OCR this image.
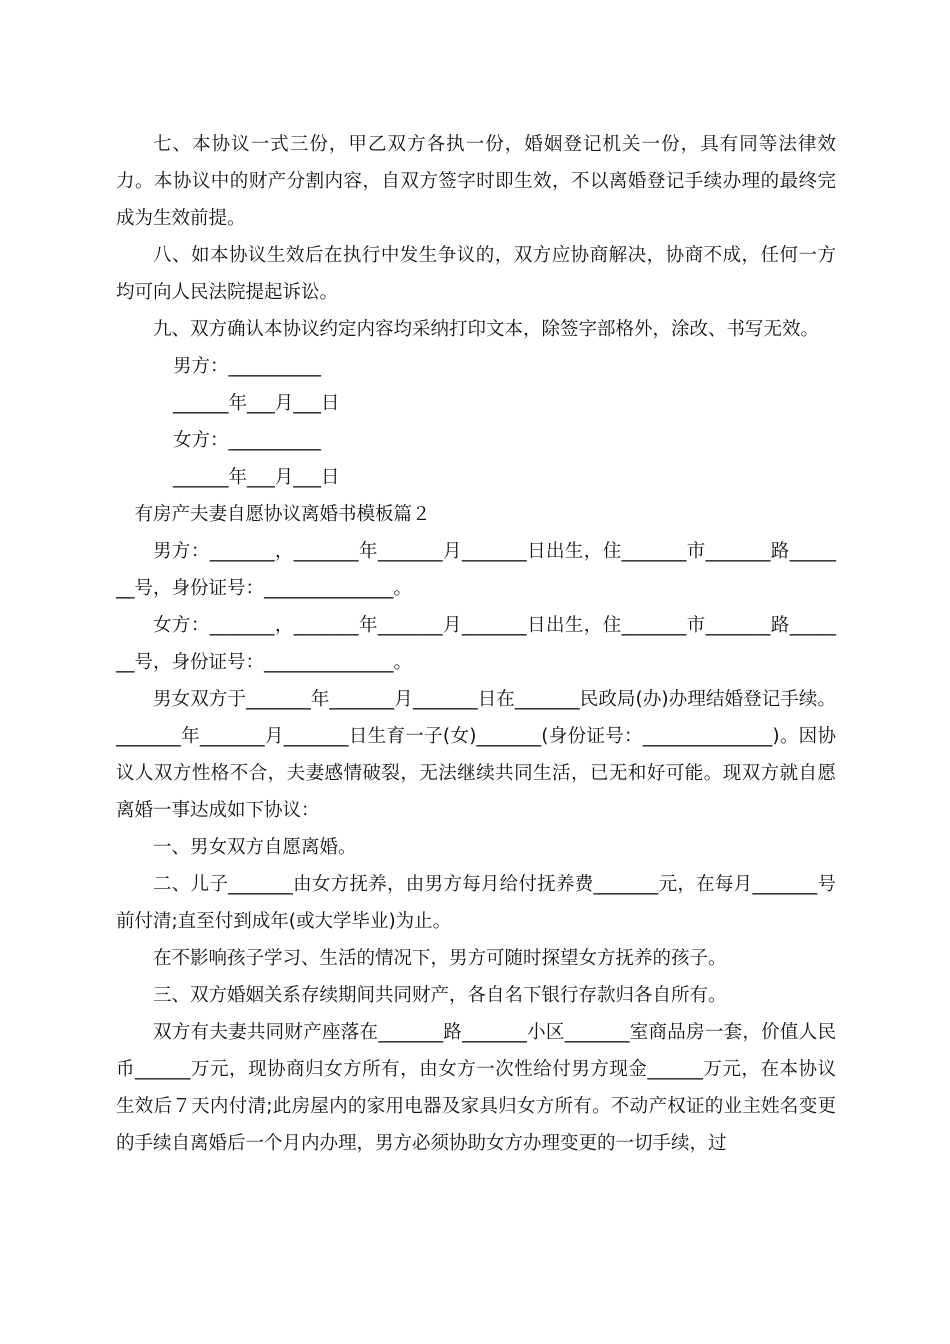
七、本协议一式三份，甲乙双方各执一份，婚姻登记机关一份，具有同等法律效力。本协议中的财产分割内容，自双方签字时即生效，不以离婚登记手续办理的最终完成为生效前提。

八、如本协议生效后在执行中发生争议的，双方应协商解决，协商不成，任何一方均可向人民法院提起诉讼。

九、双方确认本协议约定内容均采纳打印文本，除签字部格外，涂改、书写无效。

男方：__________

______年___月___日

女方：__________

______年___月___日

有房产夫妻自愿协议离婚书模板篇２

男方：_______，_______年_______月_______日出生，住_______市_______路_______号，身份证号：______________。

女方：_______，_______年_______月_______日出生，住_______市_______路_______号，身份证号：______________。

男女双方于_______年_______月_______日在_______民政局(办)办理结婚登记手续。_______年_______月_______日生育一子(女)_______(身份证号：______________)。因协议人双方性格不合，夫妻感情破裂，无法继续共同生活，已无和好可能。现双方就自愿离婚一事达成如下协议：

一、男女双方自愿离婚。

二、儿子_______由女方抚养，由男方每月给付抚养费_______元，在每月_______号前付清;直至付到成年(或大学毕业)为止。

在不影响孩子学习、生活的情况下，男方可随时探望女方抚养的孩子。

三、双方婚姻关系存续期间共同财产，各自名下银行存款归各自所有。

双方有夫妻共同财产座落在_______路_______小区_______室商品房一套，价值人民币______万元，现协商归女方所有，由女方一次性给付男方现金______万元，在本协议生效后７天内付清;此房屋内的家用电器及家具归女方所有。不动产权证的业主姓名变更的手续自离婚后一个月内办理，男方必须协助女方办理变更的一切手续，过
